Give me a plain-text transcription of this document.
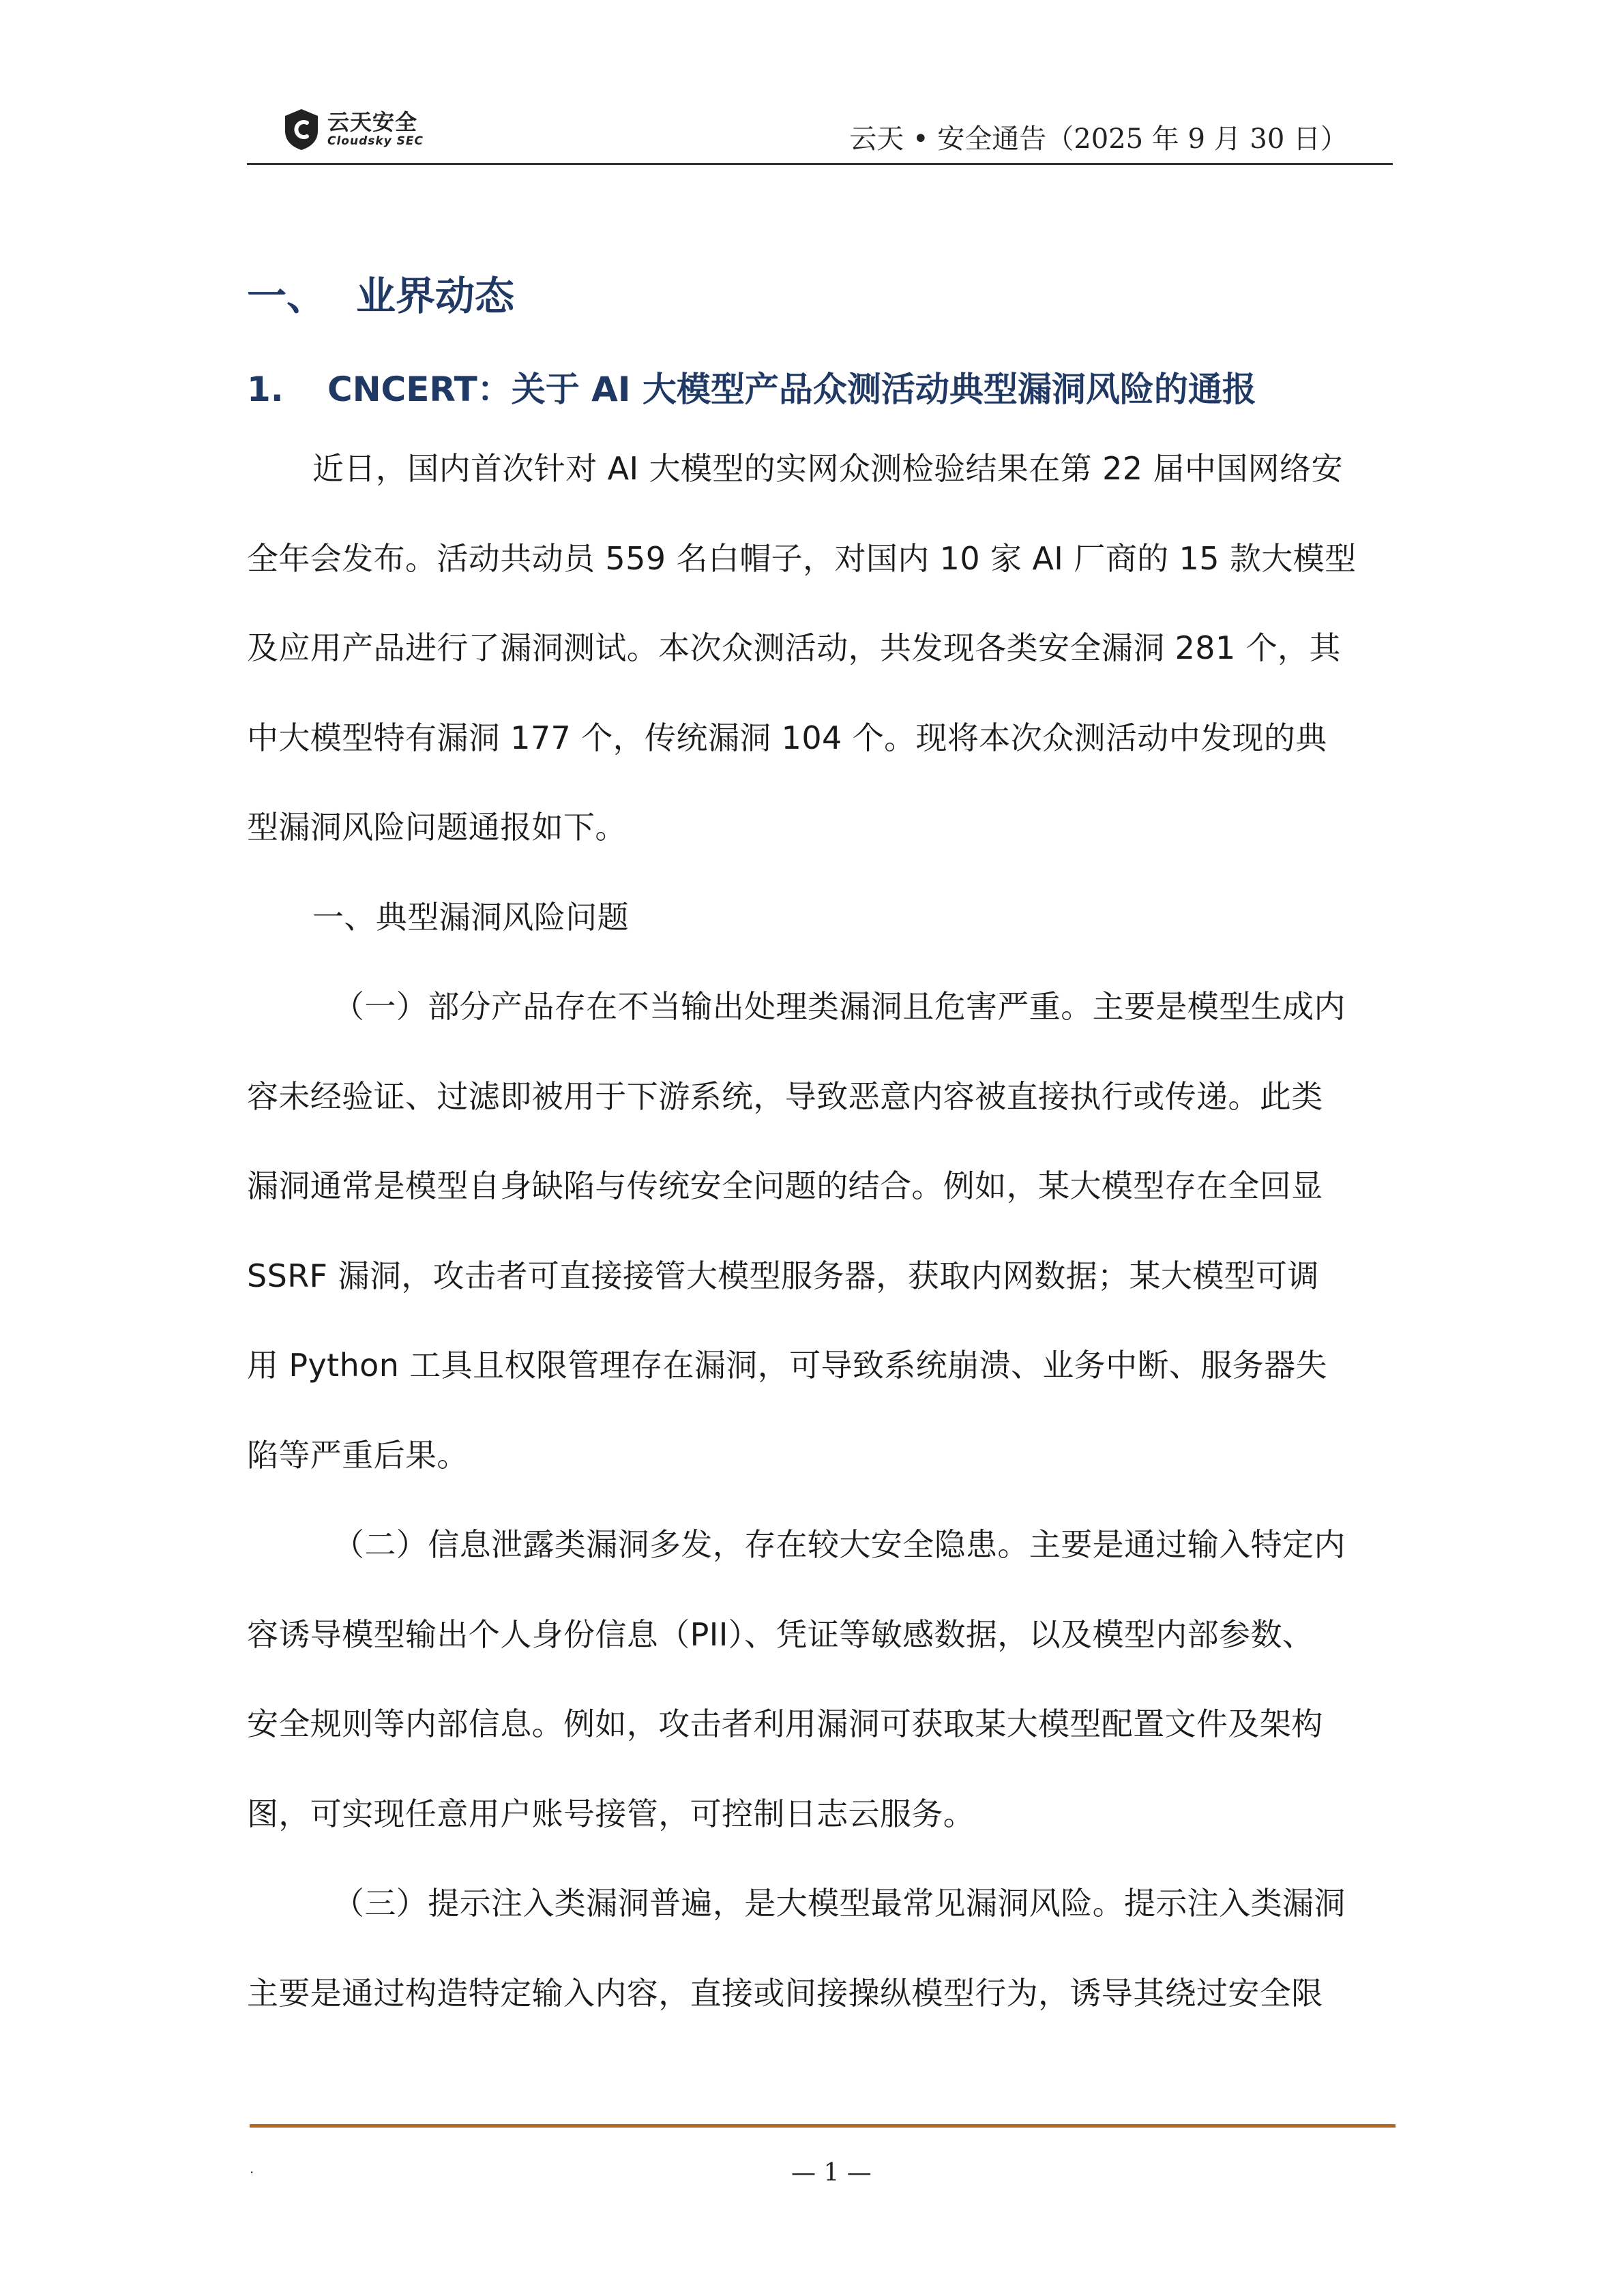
云天安全
Cloudsky SEC	云天 • 安全通告（2025 年 9 月 30 日）
一、 业界动态
1. CNCERT：关于 AI 大模型产品众测活动典型漏洞风险的通报
近日，国内首次针对 AI 大模型的实网众测检验结果在第 22 届中国网络安
全年会发布。活动共动员 559 名白帽子，对国内 10 家 AI 厂商的 15 款大模型
及应用产品进行了漏洞测试。本次众测活动，共发现各类安全漏洞 281 个，其
中大模型特有漏洞 177 个，传统漏洞 104 个。现将本次众测活动中发现的典
型漏洞风险问题通报如下。
一、典型漏洞风险问题
（一）部分产品存在不当输出处理类漏洞且危害严重。主要是模型生成内
容未经验证、过滤即被用于下游系统，导致恶意内容被直接执行或传递。此类
漏洞通常是模型自身缺陷与传统安全问题的结合。例如，某大模型存在全回显
SSRF 漏洞，攻击者可直接接管大模型服务器，获取内网数据；某大模型可调
用 Python 工具且权限管理存在漏洞，可导致系统崩溃、业务中断、服务器失
陷等严重后果。
（二）信息泄露类漏洞多发，存在较大安全隐患。主要是通过输入特定内
容诱导模型输出个人身份信息（PII）、凭证等敏感数据，以及模型内部参数、
安全规则等内部信息。例如，攻击者利用漏洞可获取某大模型配置文件及架构
图，可实现任意用户账号接管，可控制日志云服务。
（三）提示注入类漏洞普遍，是大模型最常见漏洞风险。提示注入类漏洞
主要是通过构造特定输入内容，直接或间接操纵模型行为，诱导其绕过安全限
.	— 1 —
